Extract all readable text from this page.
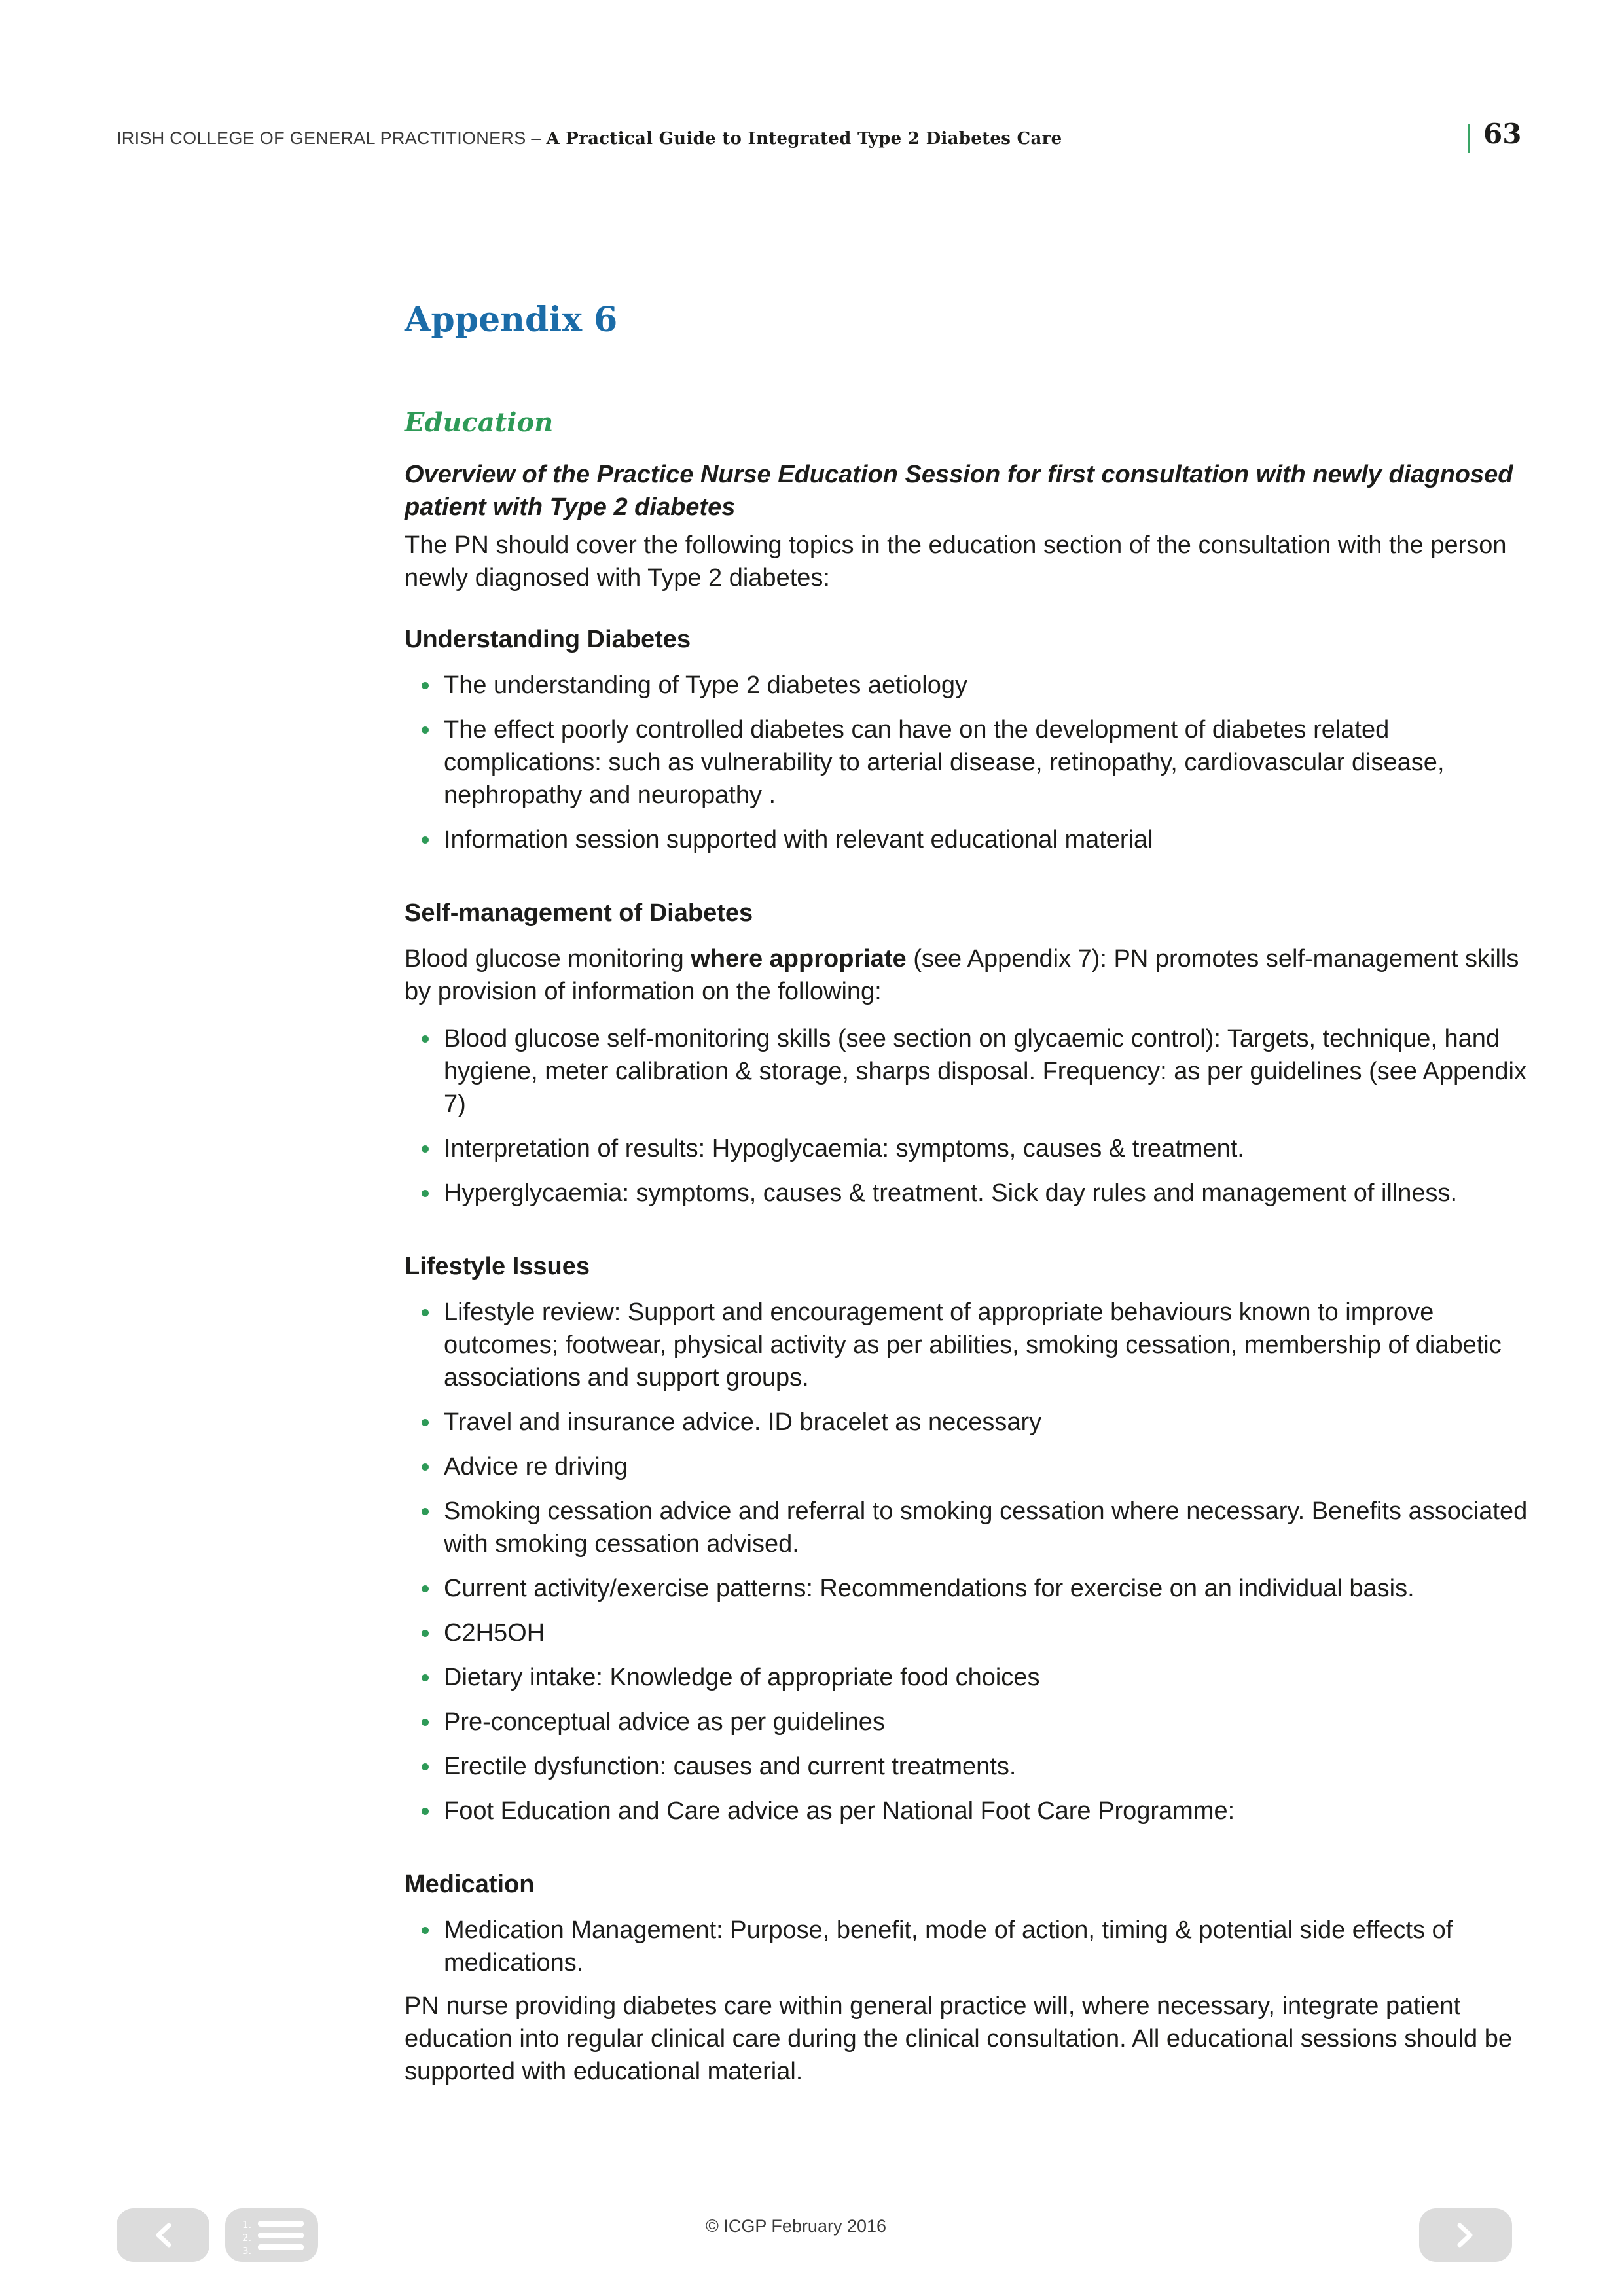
IRISH COLLEGE OF GENERAL PRACTITIONERS – A Practical Guide to Integrated Type 2 Diabetes Care	63
Appendix 6
Education
Overview of the Practice Nurse Education Session for first consultation with newly diagnosed patient with Type 2 diabetes

The PN should cover the following topics in the education section of the consultation with the person newly diagnosed with Type 2 diabetes:

Understanding Diabetes
The understanding of Type 2 diabetes aetiology
The effect poorly controlled diabetes can have on the development of diabetes related complications: such as vulnerability to arterial disease, retinopathy, cardiovascular disease, nephropathy and neuropathy .
Information session supported with relevant educational material
Self-management of Diabetes

Blood glucose monitoring where appropriate (see Appendix 7): PN promotes self-management skills by provision of information on the following:

Blood glucose self-monitoring skills (see section on glycaemic control): Targets, technique, hand hygiene, meter calibration & storage, sharps disposal. Frequency: as per guidelines (see Appendix 7)
Interpretation of results: Hypoglycaemia: symptoms, causes & treatment.
Hyperglycaemia: symptoms, causes & treatment. Sick day rules and management of illness.
Lifestyle Issues
Lifestyle review: Support and encouragement of appropriate behaviours known to improve outcomes; footwear, physical activity as per abilities, smoking cessation, membership of diabetic associations and support groups.
Travel and insurance advice. ID bracelet as necessary
Advice re driving
Smoking cessation advice and referral to smoking cessation where necessary. Benefits associated with smoking cessation advised.
Current activity/exercise patterns: Recommendations for exercise on an individual basis.
C2H5OH
Dietary intake: Knowledge of appropriate food choices
Pre-conceptual advice as per guidelines
Erectile dysfunction: causes and current treatments.
Foot Education and Care advice as per National Foot Care Programme:
Medication
Medication Management: Purpose, benefit, mode of action, timing & potential side effects of medications.

PN nurse providing diabetes care within general practice will, where necessary, integrate patient education into regular clinical care during the clinical consultation. All educational sessions should be supported with educational material.

1.
2.
3.
© ICGP February 2016
